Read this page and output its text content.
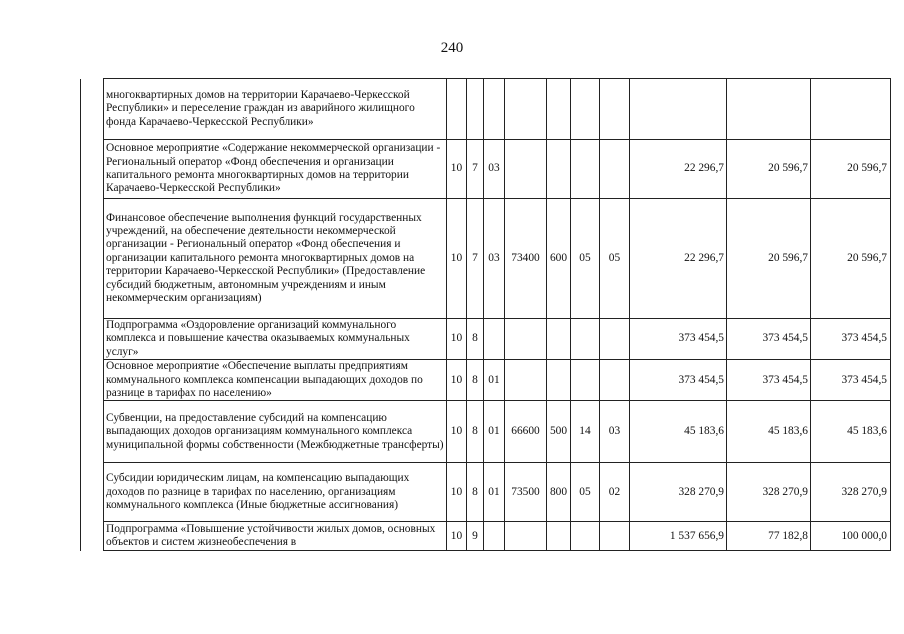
240
	многоквартирных домов на территории Карачаево-Черкесской Республики» и переселение граждан из аварийного жилищного фонда Карачаево-Черкесской Республики»										
	Основное мероприятие «Содержание некоммерческой организации - Региональный оператор «Фонд обеспечения и организации капитального ремонта многоквартирных домов на территории Карачаево-Черкесской Республики»	10	7	03					22 296,7	20 596,7	20 596,7
	Финансовое обеспечение выполнения функций государственных учреждений, на обеспечение деятельности некоммерческой организации - Региональный оператор «Фонд обеспечения и организации капитального ремонта многоквартирных домов на территории Карачаево-Черкесской Республики» (Предоставление субсидий бюджетным, автономным учреждениям и иным некоммерческим организациям)	10	7	03	73400	600	05	05	22 296,7	20 596,7	20 596,7
	Подпрограмма «Оздоровление организаций коммунального комплекса и повышение качества оказываемых коммунальных услуг»	10	8						373 454,5	373 454,5	373 454,5
	Основное мероприятие «Обеспечение выплаты предприятиям коммунального комплекса компенсации выпадающих доходов по разнице в тарифах по населению»	10	8	01					373 454,5	373 454,5	373 454,5
	Субвенции, на предоставление субсидий на компенсацию выпадающих доходов организациям коммунального комплекса муниципальной формы собственности (Межбюджетные трансферты)	10	8	01	66600	500	14	03	45 183,6	45 183,6	45 183,6
	Субсидии юридическим лицам, на компенсацию выпадающих доходов по разнице в тарифах по населению, организациям коммунального комплекса (Иные бюджетные ассигнования)	10	8	01	73500	800	05	02	328 270,9	328 270,9	328 270,9
	Подпрограмма «Повышение устойчивости жилых домов, основных объектов и систем жизнеобеспечения в	10	9						1 537 656,9	77 182,8	100 000,0
